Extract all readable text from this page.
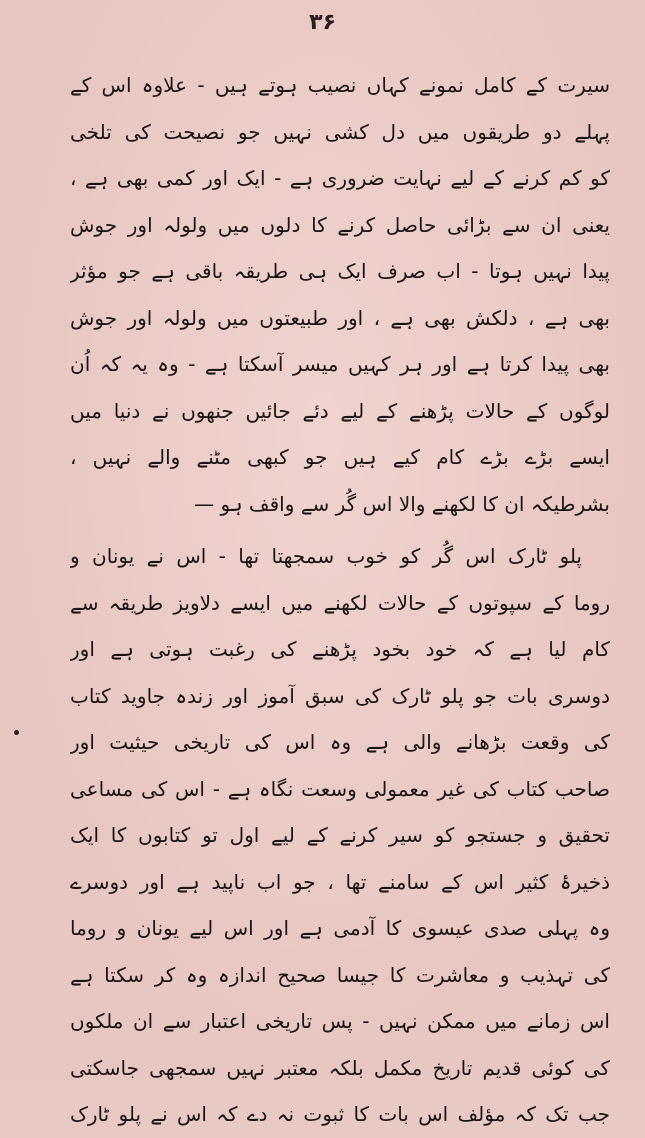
۳۶
سیرت کے کامل نمونے کہاں نصیب ہوتے ہیں - علاوہ اس کے
پہلے دو طریقوں میں دل کشی نہیں جو نصیحت کی تلخی
کو کم کرنے کے لیے نہایت ضروری ہے - ایک اور کمی بھی ہے ،
یعنی ان سے بڑائی حاصل کرنے کا دلوں میں ولولہ اور جوش
پیدا نہیں ہوتا - اب صرف ایک ہی طریقہ باقی ہے جو مؤثر
بھی ہے ، دلکش بھی ہے ، اور طبیعتوں میں ولولہ اور جوش
بھی پیدا کرتا ہے اور ہر کہیں میسر آسکتا ہے - وہ یہ کہ اُن
لوگوں کے حالات پڑھنے کے لیے دئے جائیں جنھوں نے دنیا میں
ایسے بڑے بڑے کام کیے ہیں جو کبھی مٹنے والے نہیں ،
بشرطیکہ ان کا لکھنے والا اس گُر سے واقف ہو —
پلو ٹارک اس گُر کو خوب سمجھتا تھا - اس نے یونان و
روما کے سپوتوں کے حالات لکھنے میں ایسے دلاویز طریقہ سے
کام لیا ہے کہ خود بخود پڑھنے کی رغبت ہوتی ہے اور
دوسری بات جو پلو ٹارک کی سبق آموز اور زندہ جاوید کتاب
کی وقعت بڑھانے والی ہے وہ اس کی تاریخی حیثیت اور
صاحب کتاب کی غیر معمولی وسعت نگاہ ہے - اس کی مساعی
تحقیق و جستجو کو سیر کرنے کے لیے اول تو کتابوں کا ایک
ذخیرۂ کثیر اس کے سامنے تھا ، جو اب ناپید ہے اور دوسرے
وہ پہلی صدی عیسوی کا آدمی ہے اور اس لیے یونان و روما
کی تہذیب و معاشرت کا جیسا صحیح اندازہ وہ کر سکتا ہے
اس زمانے میں ممکن نہیں - پس تاریخی اعتبار سے ان ملکوں
کی کوئی قدیم تاریخ مکمل بلکہ معتبر نہیں سمجھی جاسکتی
جب تک کہ مؤلف اس بات کا ثبوت نہ دے کہ اس نے پلو ٹارک
